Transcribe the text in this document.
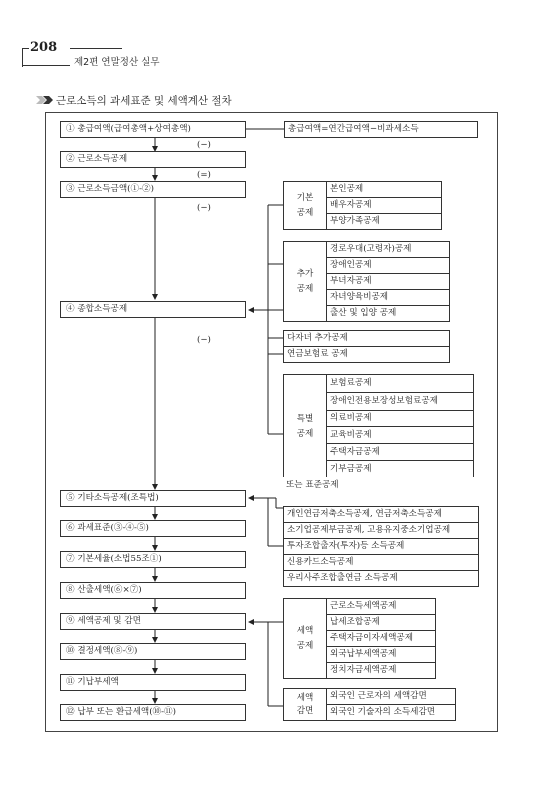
208
제2편 연말정산 실무
근로소득의 과세표준 및 세액계산 절차
① 총급여액(급여총액+상여총액)
② 근로소득공제
③ 근로소득금액(①-②)
④ 종합소득공제
⑤ 기타소득공제(조특법)
⑥ 과세표준(③-④-⑤)
⑦ 기본세율(소법55조①)
⑧ 산출세액(⑥×⑦)
⑨ 세액공제 및 감면
⑩ 결정세액(⑧-⑨)
⑪ 기납부세액
⑫ 납부 또는 환급세액(⑩-⑪)
(−)
(=)
(−)
(−)
총급여액=연간급여액−비과세소득
기본
공제
본인공제
배우자공제
부양가족공제
추가
공제
경로우대(고령자)공제
장애인공제
부녀자공제
자녀양육비공제
출산 및 입양 공제
다자녀 추가공제
연금보험료 공제
특별
공제
보험료공제
장애인전용보장성보험료공제
의료비공제
교육비공제
주택자금공제
기부금공제
또는 표준공제
개인연금저축소득공제, 연금저축소득공제
소기업공제부금공제, 고용유지중소기업공제
투자조합출자(투자)등 소득공제
신용카드소득공제
우리사주조합출연금 소득공제
세액
공제
근로소득세액공제
납세조합공제
주택자금이자세액공제
외국납부세액공제
정치자금세액공제
세액
감면
외국인 근로자의 세액감면
외국인 기술자의 소득세감면
